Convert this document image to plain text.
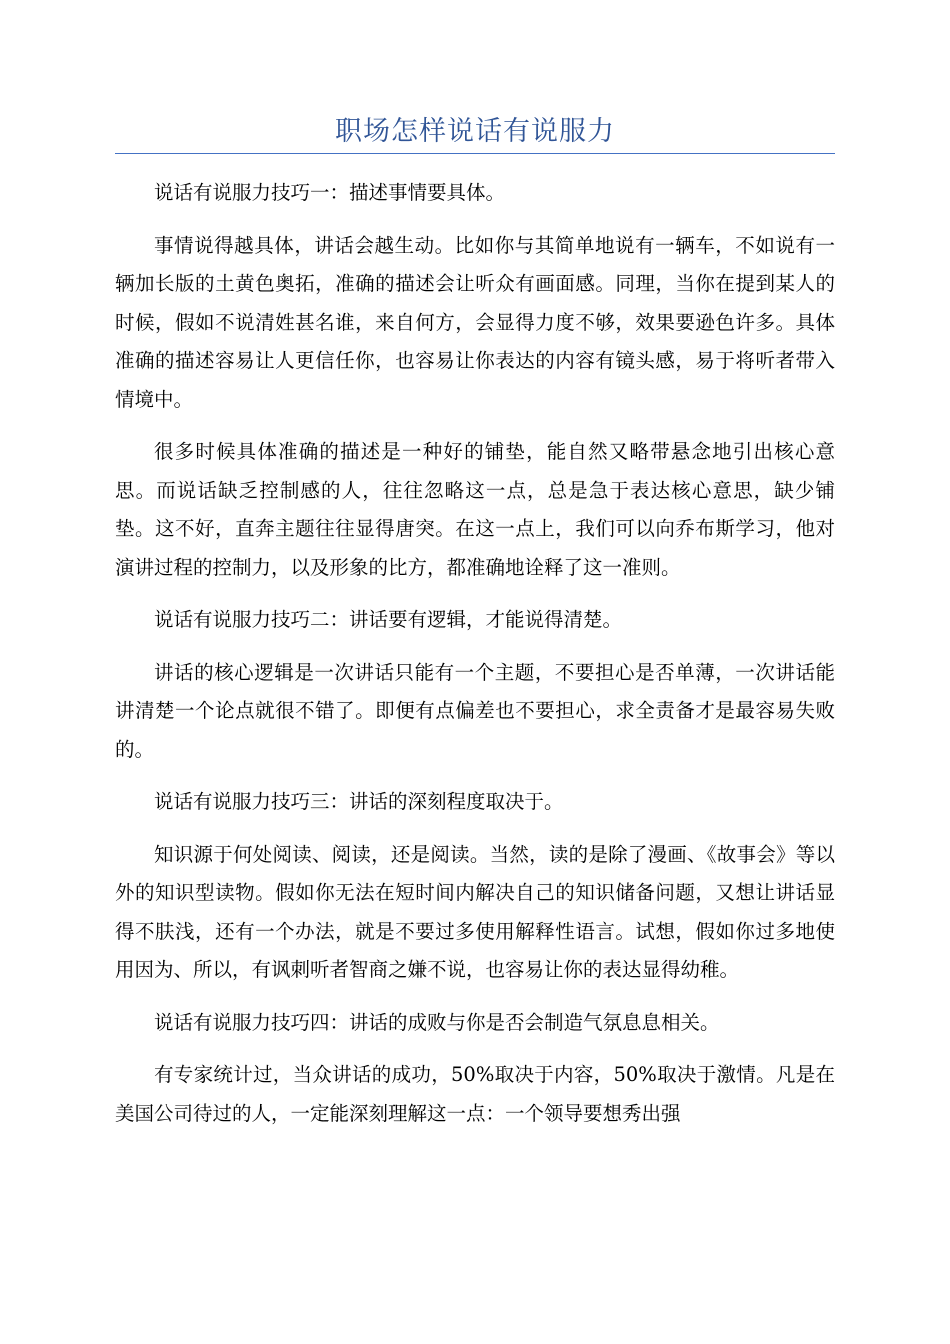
职场怎样说话有说服力

说话有说服力技巧一：描述事情要具体。

事情说得越具体，讲话会越生动。比如你与其简单地说有一辆车，不如说有一辆加长版的土黄色奥拓，准确的描述会让听众有画面感。同理，当你在提到某人的时候，假如不说清姓甚名谁，来自何方，会显得力度不够，效果要逊色许多。具体准确的描述容易让人更信任你，也容易让你表达的内容有镜头感，易于将听者带入情境中。

很多时候具体准确的描述是一种好的铺垫，能自然又略带悬念地引出核心意思。而说话缺乏控制感的人，往往忽略这一点，总是急于表达核心意思，缺少铺垫。这不好，直奔主题往往显得唐突。在这一点上，我们可以向乔布斯学习，他对演讲过程的控制力，以及形象的比方，都准确地诠释了这一准则。

说话有说服力技巧二：讲话要有逻辑，才能说得清楚。

讲话的核心逻辑是一次讲话只能有一个主题，不要担心是否单薄，一次讲话能讲清楚一个论点就很不错了。即便有点偏差也不要担心，求全责备才是最容易失败的。

说话有说服力技巧三：讲话的深刻程度取决于。

知识源于何处阅读、阅读，还是阅读。当然，读的是除了漫画、《故事会》等以外的知识型读物。假如你无法在短时间内解决自己的知识储备问题，又想让讲话显得不肤浅，还有一个办法，就是不要过多使用解释性语言。试想，假如你过多地使用因为、所以，有讽刺听者智商之嫌不说，也容易让你的表达显得幼稚。

说话有说服力技巧四：讲话的成败与你是否会制造气氛息息相关。

有专家统计过，当众讲话的成功，50%取决于内容，50%取决于激情。凡是在美国公司待过的人，一定能深刻理解这一点：一个领导要想秀出强
